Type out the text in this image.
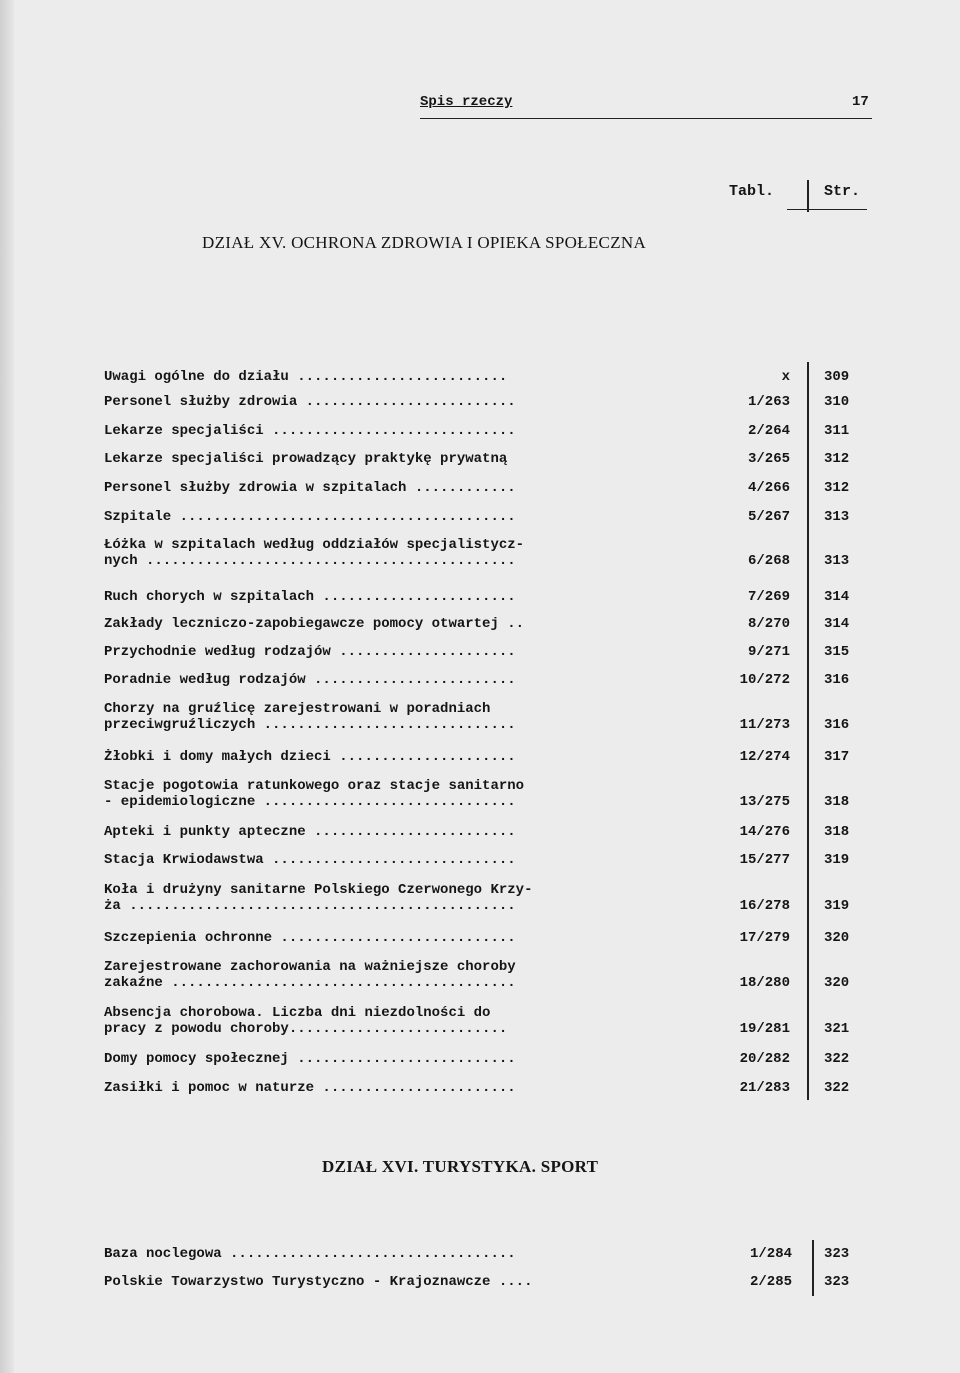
Spis rzeczy	17
Tabl.	Str.
DZIAŁ XV. OCHRONA ZDROWIA I OPIEKA SPOŁECZNA
Uwagi ogólne do działu .........................	x 309
Personel służby zdrowia .........................	1/263 310
Lekarze specjaliści .............................	2/264 311
Lekarze specjaliści prowadzący praktykę prywatną	3/265 312
Personel służby zdrowia w szpitalach ............	4/266 312
Szpitale ........................................	5/267 313
Łóżka w szpitalach według oddziałów specjalistycz-
nych ............................................	6/268 313
Ruch chorych w szpitalach .......................	7/269 314
Zakłady leczniczo-zapobiegawcze pomocy otwartej ..	8/270 314
Przychodnie według rodzajów .....................	9/271 315
Poradnie według rodzajów ........................	10/272 316
Chorzy na gruźlicę zarejestrowani w poradniach
przeciwgruźliczych ..............................	11/273 316
Żłobki i domy małych dzieci .....................	12/274 317
Stacje pogotowia ratunkowego oraz stacje sanitarno
- epidemiologiczne ..............................	13/275 318
Apteki i punkty apteczne ........................	14/276 318
Stacja Krwiodawstwa .............................	15/277 319
Koła i drużyny sanitarne Polskiego Czerwonego Krzy-
ża ..............................................	16/278 319
Szczepienia ochronne ............................	17/279 320
Zarejestrowane zachorowania na ważniejsze choroby
zakaźne .........................................	18/280 320
Absencja chorobowa. Liczba dni niezdolności do
pracy z powodu choroby..........................	19/281 321
Domy pomocy społecznej ..........................	20/282 322
Zasiłki i pomoc w naturze .......................	21/283 322
DZIAŁ XVI. TURYSTYKA. SPORT
Baza noclegowa ..................................	1/284 323
Polskie Towarzystwo Turystyczno - Krajoznawcze ....	2/285 323
